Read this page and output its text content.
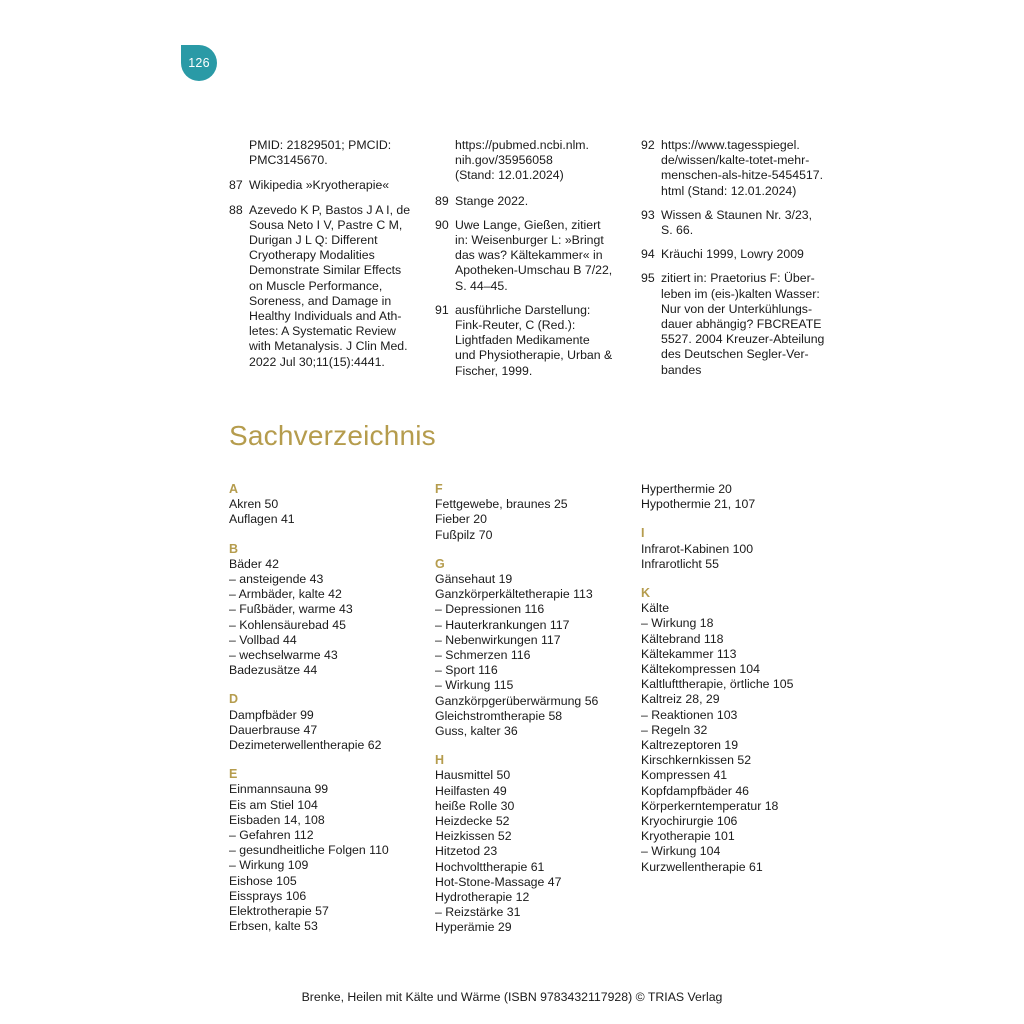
126
PMID: 21829501; PMCID:
PMC3145670.
87 Wikipedia »Kryotherapie«
88 Azevedo K P, Bastos J A I, de
Sousa Neto I V, Pastre C M,
Durigan J L Q: Different
Cryotherapy Modalities
Demonstrate Similar Effects
on Muscle Performance,
Soreness, and Damage in
Healthy Individuals and Ath-
letes: A Systematic Review
with Metanalysis. J Clin Med.
2022 Jul 30;11(15):4441.
https://pubmed.ncbi.nlm.
nih.gov/35956058
(Stand: 12.01.2024)
89 Stange 2022.
90 Uwe Lange, Gießen, zitiert
in: Weisenburger L: »Bringt
das was? Kältekammer« in
Apotheken-Umschau B 7/22,
S. 44–45.
91 ausführliche Darstellung:
Fink-Reuter, C (Red.):
Lightfaden Medikamente
und Physiotherapie, Urban &
Fischer, 1999.
92 https://www.tagesspiegel.
de/wissen/kalte-totet-mehr-
menschen-als-hitze-5454517.
html (Stand: 12.01.2024)
93 Wissen & Staunen Nr. 3/23,
S. 66.
94 Kräuchi 1999, Lowry 2009
95 zitiert in: Praetorius F: Über-
leben im (eis-)kalten Wasser:
Nur von der Unterkühlungs-
dauer abhängig? FBCREATE
5527. 2004 Kreuzer-Abteilung
des Deutschen Segler-Ver-
bandes
Sachverzeichnis
A
Akren 50
Auflagen 41
B
Bäder 42
– ansteigende 43
– Armbäder, kalte 42
– Fußbäder, warme 43
– Kohlensäurebad 45
– Vollbad 44
– wechselwarme 43
Badezusätze 44
D
Dampfbäder 99
Dauerbrause 47
Dezimeterwellentherapie 62
E
Einmannsauna 99
Eis am Stiel 104
Eisbaden 14, 108
– Gefahren 112
– gesundheitliche Folgen 110
– Wirkung 109
Eishose 105
Eissprays 106
Elektrotherapie 57
Erbsen, kalte 53
F
Fettgewebe, braunes 25
Fieber 20
Fußpilz 70
G
Gänsehaut 19
Ganzkörperkältetherapie 113
– Depressionen 116
– Hauterkrankungen 117
– Nebenwirkungen 117
– Schmerzen 116
– Sport 116
– Wirkung 115
Ganzkörpgerüberwärmung 56
Gleichstromtherapie 58
Guss, kalter 36
H
Hausmittel 50
Heilfasten 49
heiße Rolle 30
Heizdecke 52
Heizkissen 52
Hitzetod 23
Hochvolttherapie 61
Hot-Stone-Massage 47
Hydrotherapie 12
– Reizstärke 31
Hyperämie 29
Hyperthermie 20
Hypothermie 21, 107
I
Infrarot-Kabinen 100
Infrarotlicht 55
K
Kälte
– Wirkung 18
Kältebrand 118
Kältekammer 113
Kältekompressen 104
Kaltlufttherapie, örtliche 105
Kaltreiz 28, 29
– Reaktionen 103
– Regeln 32
Kaltrezeptoren 19
Kirschkernkissen 52
Kompressen 41
Kopfdampfbäder 46
Körperkerntemperatur 18
Kryochirurgie 106
Kryotherapie 101
– Wirkung 104
Kurzwellentherapie 61
Brenke, Heilen mit Kälte und Wärme (ISBN 9783432117928) © TRIAS Verlag
